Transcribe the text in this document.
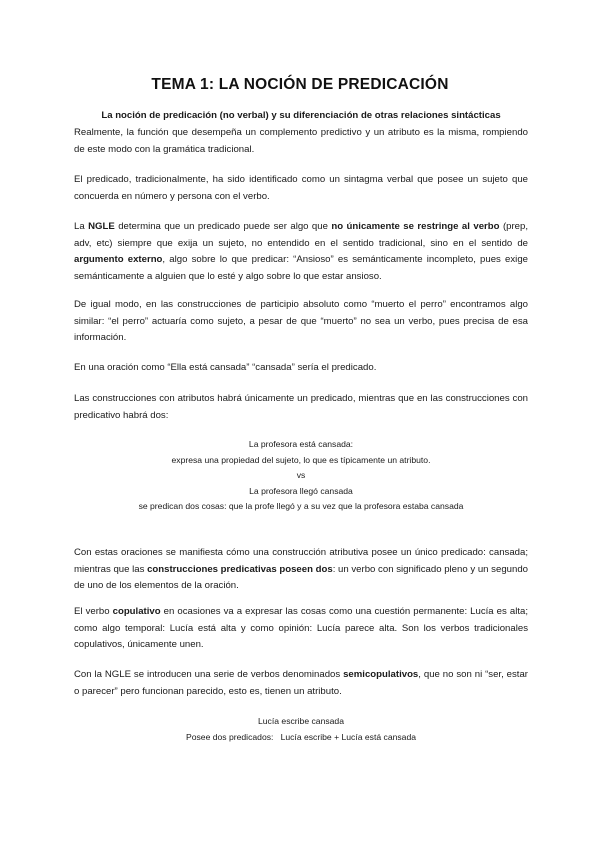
TEMA 1: LA NOCIÓN DE PREDICACIÓN
La noción de predicación (no verbal) y su diferenciación de otras relaciones sintácticas
Realmente, la función que desempeña un complemento predictivo y un atributo es la misma, rompiendo de este modo con la gramática tradicional.
El predicado, tradicionalmente, ha sido identificado como un sintagma verbal que posee un sujeto que concuerda en número y persona con el verbo.
La NGLE determina que un predicado puede ser algo que no únicamente se restringe al verbo (prep, adv, etc) siempre que exija un sujeto, no entendido en el sentido tradicional, sino en el sentido de argumento externo, algo sobre lo que predicar: “Ansioso” es semánticamente incompleto, pues exige semánticamente a alguien que lo esté y algo sobre lo que estar ansioso.
De igual modo, en las construcciones de participio absoluto como “muerto el perro” encontramos algo similar: “el perro” actuaría como sujeto, a pesar de que “muerto” no sea un verbo, pues precisa de esa información.
En una oración como “Ella está cansada” “cansada” sería el predicado.
Las construcciones con atributos habrá únicamente un predicado, mientras que en las construcciones con predicativo habrá dos:
La profesora está cansada:
expresa una propiedad del sujeto, lo que es típicamente un atributo.
vs
La profesora llegó cansada
se predican dos cosas: que la profe llegó y a su vez que la profesora estaba cansada
Con estas oraciones se manifiesta cómo una construcción atributiva posee un único predicado: cansada; mientras que las construcciones predicativas poseen dos: un verbo con significado pleno y un segundo de uno de los elementos de la oración.
El verbo copulativo en ocasiones va a expresar las cosas como una cuestión permanente: Lucía es alta; como algo temporal: Lucía está alta y como opinión: Lucía parece alta. Son los verbos tradicionales copulativos, únicamente unen.
Con la NGLE se introducen una serie de verbos denominados semicopulativos, que no son ni “ser, estar o parecer” pero funcionan parecido, esto es, tienen un atributo.
Lucía escribe cansada
Posee dos predicados:   Lucía escribe + Lucía está cansada
